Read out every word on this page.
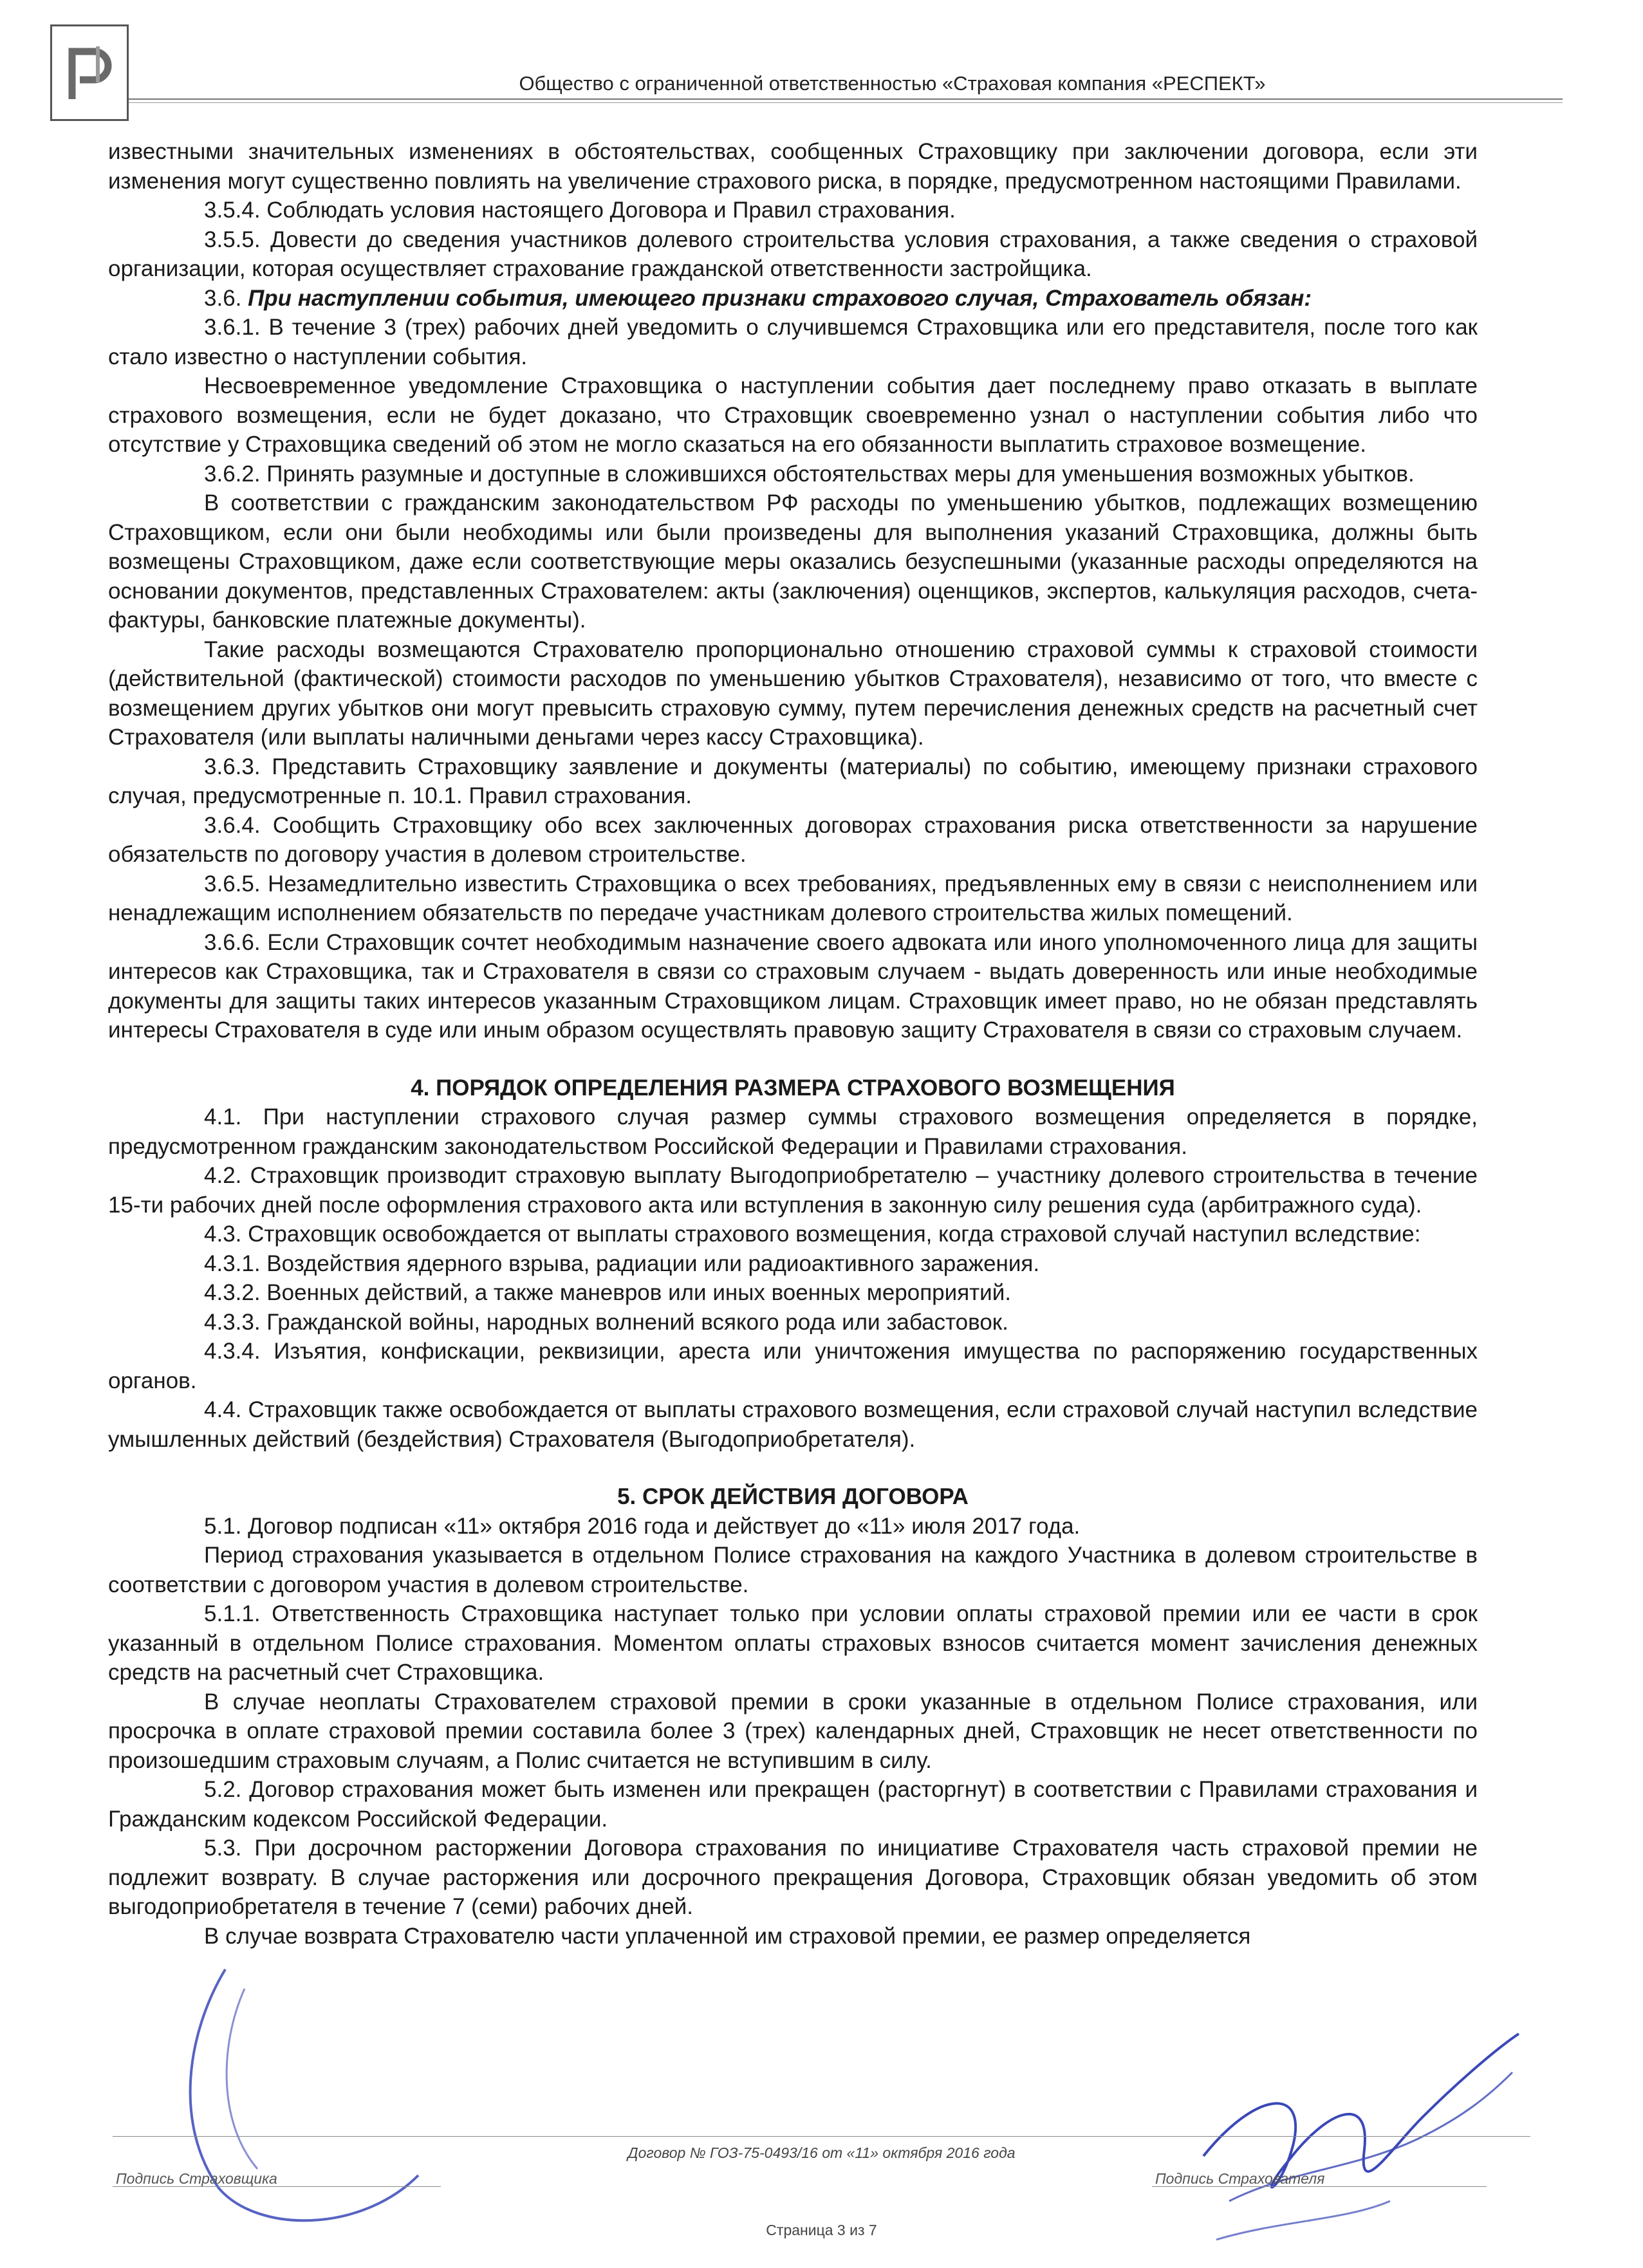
Общество с ограниченной ответственностью «Страховая компания «РЕСПЕКТ»

известными значительных изменениях в обстоятельствах, сообщенных Страховщику при заключении договора, если эти изменения могут существенно повлиять на увеличение страхового риска, в порядке, предусмотренном настоящими Правилами.

3.5.4. Соблюдать условия настоящего Договора и Правил страхования.

3.5.5. Довести до сведения участников долевого строительства условия страхования, а также сведения о страховой организации, которая осуществляет страхование гражданской ответственности застройщика.

3.6. При наступлении события, имеющего признаки страхового случая, Страхователь обязан:

3.6.1. В течение 3 (трех) рабочих дней уведомить о случившемся Страховщика или его представителя, после того как стало известно о наступлении события.

Несвоевременное уведомление Страховщика о наступлении события дает последнему право отказать в выплате страхового возмещения, если не будет доказано, что Страховщик своевременно узнал о наступлении события либо что отсутствие у Страховщика сведений об этом не могло сказаться на его обязанности выплатить страховое возмещение.

3.6.2. Принять разумные и доступные в сложившихся обстоятельствах меры для уменьшения возможных убытков.

В соответствии с гражданским законодательством РФ расходы по уменьшению убытков, подлежащих возмещению Страховщиком, если они были необходимы или были произведены для выполнения указаний Страховщика, должны быть возмещены Страховщиком, даже если соответствующие меры оказались безуспешными (указанные расходы определяются на основании документов, представленных Страхователем: акты (заключения) оценщиков, экспертов, калькуляция расходов, счета-фактуры, банковские платежные документы).

Такие расходы возмещаются Страхователю пропорционально отношению страховой суммы к страховой стоимости (действительной (фактической) стоимости расходов по уменьшению убытков Страхователя), независимо от того, что вместе с возмещением других убытков они могут превысить страховую сумму, путем перечисления денежных средств на расчетный счет Страхователя (или выплаты наличными деньгами через кассу Страховщика).

3.6.3. Представить Страховщику заявление и документы (материалы) по событию, имеющему признаки страхового случая, предусмотренные п. 10.1. Правил страхования.

3.6.4. Сообщить Страховщику обо всех заключенных договорах страхования риска ответственности за нарушение обязательств по договору участия в долевом строительстве.

3.6.5. Незамедлительно известить Страховщика о всех требованиях, предъявленных ему в связи с неисполнением или ненадлежащим исполнением обязательств по передаче участникам долевого строительства жилых помещений.

3.6.6. Если Страховщик сочтет необходимым назначение своего адвоката или иного уполномоченного лица для защиты интересов как Страховщика, так и Страхователя в связи со страховым случаем - выдать доверенность или иные необходимые документы для защиты таких интересов указанным Страховщиком лицам. Страховщик имеет право, но не обязан представлять интересы Страхователя в суде или иным образом осуществлять правовую защиту Страхователя в связи со страховым случаем.

4. ПОРЯДОК ОПРЕДЕЛЕНИЯ РАЗМЕРА СТРАХОВОГО ВОЗМЕЩЕНИЯ

4.1. При наступлении страхового случая размер суммы страхового возмещения определяется в порядке, предусмотренном гражданским законодательством Российской Федерации и Правилами страхования.

4.2. Страховщик производит страховую выплату Выгодоприобретателю – участнику долевого строительства в течение 15-ти рабочих дней после оформления страхового акта или вступления в законную силу решения суда (арбитражного суда).

4.3. Страховщик освобождается от выплаты страхового возмещения, когда страховой случай наступил вследствие:

4.3.1. Воздействия ядерного взрыва, радиации или радиоактивного заражения.

4.3.2. Военных действий, а также маневров или иных военных мероприятий.

4.3.3. Гражданской войны, народных волнений всякого рода или забастовок.

4.3.4. Изъятия, конфискации, реквизиции, ареста или уничтожения имущества по распоряжению государственных органов.

4.4. Страховщик также освобождается от выплаты страхового возмещения, если страховой случай наступил вследствие умышленных действий (бездействия) Страхователя (Выгодоприобретателя).

5. СРОК ДЕЙСТВИЯ ДОГОВОРА

5.1. Договор подписан «11» октября 2016 года и действует до «11» июля 2017 года.

Период страхования указывается в отдельном Полисе страхования на каждого Участника в долевом строительстве в соответствии с договором участия в долевом строительстве.

5.1.1. Ответственность Страховщика наступает только при условии оплаты страховой премии или ее части в срок указанный в отдельном Полисе страхования. Моментом оплаты страховых взносов считается момент зачисления денежных средств на расчетный счет Страховщика.

В случае неоплаты Страхователем страховой премии в сроки указанные в отдельном Полисе страхования, или просрочка в оплате страховой премии составила более 3 (трех) календарных дней, Страховщик не несет ответственности по произошедшим страховым случаям, а Полис считается не вступившим в силу.

5.2. Договор страхования может быть изменен или прекращен (расторгнут) в соответствии с Правилами страхования и Гражданским кодексом Российской Федерации.

5.3. При досрочном расторжении Договора страхования по инициативе Страхователя часть страховой премии не подлежит возврату. В случае расторжения или досрочного прекращения Договора, Страховщик обязан уведомить об этом выгодоприобретателя в течение 7 (семи) рабочих дней.

В случае возврата Страхователю части уплаченной им страховой премии, ее размер определяется

Договор № ГОЗ-75-0493/16 от «11» октября 2016 года
Подпись Страховщика	Подпись Страхователя
Страница 3 из 7
